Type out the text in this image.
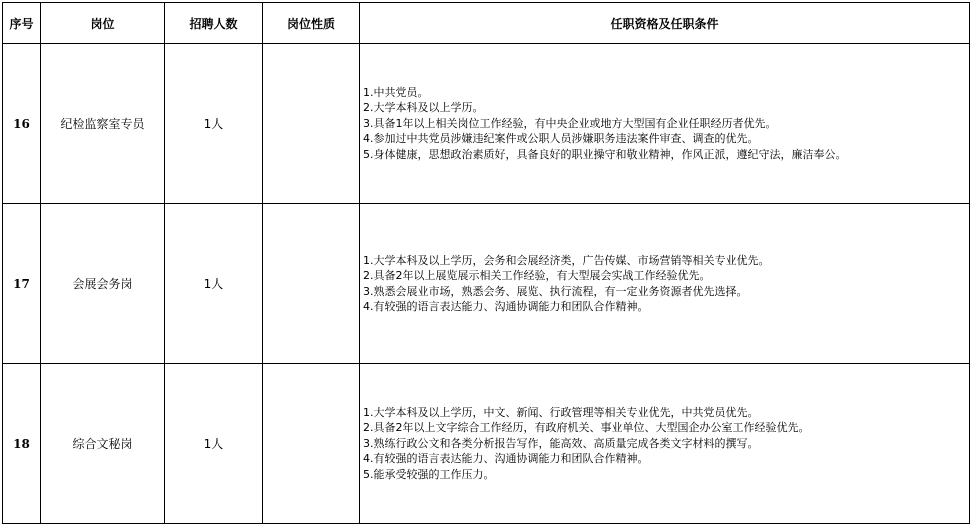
序号	岗位	招聘人数	岗位性质	任职资格及任职条件
16	纪检监察室专员	1人		1.中共党员。
2.大学本科及以上学历。
3.具备1年以上相关岗位工作经验，有中央企业或地方大型国有企业任职经历者优先。
4.参加过中共党员涉嫌违纪案件或公职人员涉嫌职务违法案件审查、调查的优先。
5.身体健康，思想政治素质好，具备良好的职业操守和敬业精神，作风正派，遵纪守法，廉洁奉公。

17	会展会务岗	1人		1.大学本科及以上学历，会务和会展经济类，广告传媒、市场营销等相关专业优先。
2.具备2年以上展览展示相关工作经验，有大型展会实战工作经验优先。
3.熟悉会展业市场，熟悉会务、展览、执行流程，有一定业务资源者优先选择。
4.有较强的语言表达能力、沟通协调能力和团队合作精神。

18	综合文秘岗	1人		1.大学本科及以上学历，中文、新闻、行政管理等相关专业优先，中共党员优先。
2.具备2年以上文字综合工作经历，有政府机关、事业单位、大型国企办公室工作经验优先。
3.熟练行政公文和各类分析报告写作，能高效、高质量完成各类文字材料的撰写。
4.有较强的语言表达能力、沟通协调能力和团队合作精神。
5.能承受较强的工作压力。
